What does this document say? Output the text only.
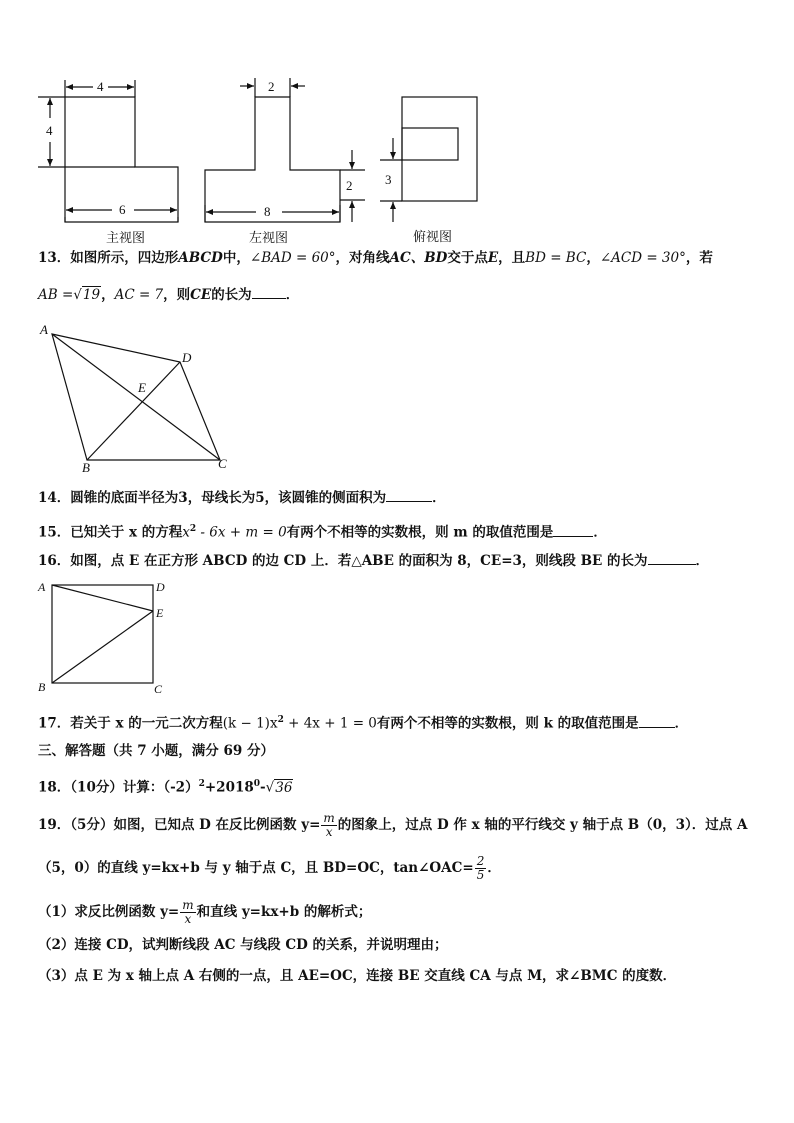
4
4
6
2
2
8
3
主视图	左视图	俯视图
13．如图所示，四边形ABCD中，∠BAD = 60°，对角线AC、BD交于点E，且BD = BC，∠ACD = 30°，若
AB =√19，AC = 7，则CE的长为	．
A
D
E
B	C
14．圆锥的底面半径为3，母线长为5，该圆锥的侧面积为	．
15．已知关于 x 的方程$x^2 - 6x + m = 0$有两个不相等的实数根，则 m 的取值范围是	．
16．如图，点 E 在正方形 ABCD 的边 CD 上．若△ABE 的面积为 8，CE=3，则线段 BE 的长为	．
A	D
E
B	C
17．若关于 x 的一元二次方程$(k - 1)x^2 + 4x + 1 = 0$有两个不相等的实数根，则 k 的取值范围是	．
三、解答题（共 7 小题，满分 69 分）
18．（10分）计算：$(-2)^2+2018^0-√36$
19．（5分）如图，已知点 D 在反比例函数 $y= \frac{m}{x}$ 的图象上，过点 D 作 x 轴的平行线交 y 轴于点 B（0，3）．过点 A
（5，0）的直线 y=kx+b 与 y 轴于点 C，且 BD=OC，tan∠OAC= $\frac{2}{5}$ ．
（1）求反比例函数 $y= \frac{m}{x}$ 和直线 y=kx+b 的解析式；
（2）连接 CD，试判断线段 AC 与线段 CD 的关系，并说明理由；
（3）点 E 为 x 轴上点 A 右侧的一点，且 AE=OC，连接 BE 交直线 CA 与点 M，求∠BMC 的度数．
